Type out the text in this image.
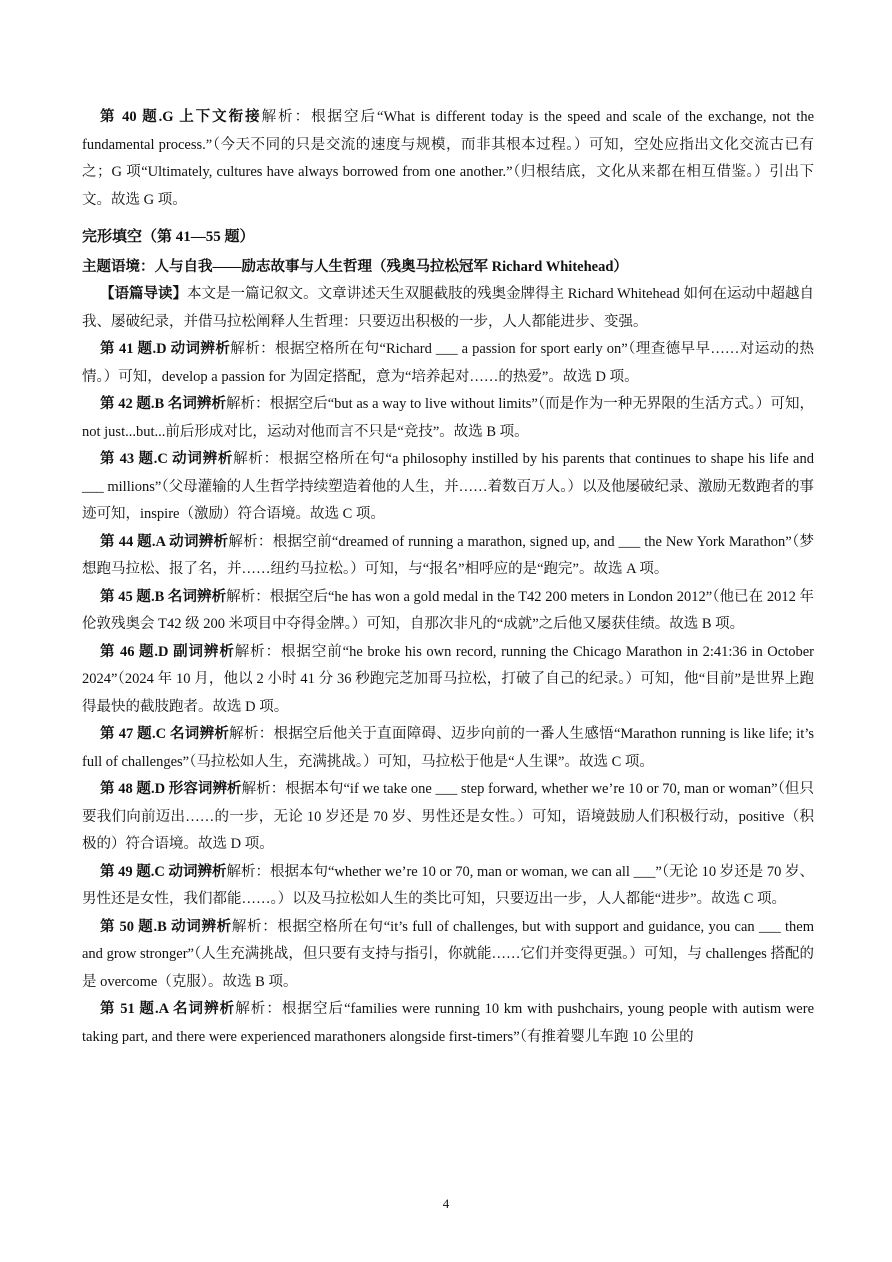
第 40 题.G 上下文衔接解析：根据空后“What is different today is the speed and scale of the exchange, not the fundamental process.”（今天不同的只是交流的速度与规模，而非其根本过程。）可知，空处应指出文化交流古已有之；G 项“Ultimately, cultures have always borrowed from one another.”（归根结底，文化从来都在相互借鉴。）引出下文。故选 G 项。

完形填空（第 41—55 题）

主题语境：人与自我——励志故事与人生哲理（残奥马拉松冠军 Richard Whitehead）

【语篇导读】本文是一篇记叙文。文章讲述天生双腿截肢的残奥金牌得主 Richard Whitehead 如何在运动中超越自我、屡破纪录，并借马拉松阐释人生哲理：只要迈出积极的一步，人人都能进步、变强。

第 41 题.D 动词辨析解析：根据空格所在句“Richard ___ a passion for sport early on”（理查德早早……对运动的热情。）可知，develop a passion for 为固定搭配，意为“培养起对……的热爱”。故选 D 项。

第 42 题.B 名词辨析解析：根据空后“but as a way to live without limits”（而是作为一种无界限的生活方式。）可知，not just...but...前后形成对比，运动对他而言不只是“竞技”。故选 B 项。

第 43 题.C 动词辨析解析：根据空格所在句“a philosophy instilled by his parents that continues to shape his life and ___ millions”（父母灌输的人生哲学持续塑造着他的人生，并……着数百万人。）以及他屡破纪录、激励无数跑者的事迹可知，inspire（激励）符合语境。故选 C 项。

第 44 题.A 动词辨析解析：根据空前“dreamed of running a marathon, signed up, and ___ the New York Marathon”（梦想跑马拉松、报了名，并……纽约马拉松。）可知，与“报名”相呼应的是“跑完”。故选 A 项。

第 45 题.B 名词辨析解析：根据空后“he has won a gold medal in the T42 200 meters in London 2012”（他已在 2012 年伦敦残奥会 T42 级 200 米项目中夺得金牌。）可知，自那次非凡的“成就”之后他又屡获佳绩。故选 B 项。

第 46 题.D 副词辨析解析：根据空前“he broke his own record, running the Chicago Marathon in 2:41:36 in October 2024”（2024 年 10 月，他以 2 小时 41 分 36 秒跑完芝加哥马拉松，打破了自己的纪录。）可知，他“目前”是世界上跑得最快的截肢跑者。故选 D 项。

第 47 题.C 名词辨析解析：根据空后他关于直面障碍、迈步向前的一番人生感悟“Marathon running is like life; it’s full of challenges”（马拉松如人生，充满挑战。）可知，马拉松于他是“人生课”。故选 C 项。

第 48 题.D 形容词辨析解析：根据本句“if we take one ___ step forward, whether we’re 10 or 70, man or woman”（但只要我们向前迈出……的一步，无论 10 岁还是 70 岁、男性还是女性。）可知，语境鼓励人们积极行动，positive（积极的）符合语境。故选 D 项。

第 49 题.C 动词辨析解析：根据本句“whether we’re 10 or 70, man or woman, we can all ___”（无论 10 岁还是 70 岁、男性还是女性，我们都能……。）以及马拉松如人生的类比可知，只要迈出一步，人人都能“进步”。故选 C 项。

第 50 题.B 动词辨析解析：根据空格所在句“it’s full of challenges, but with support and guidance, you can ___ them and grow stronger”（人生充满挑战，但只要有支持与指引，你就能……它们并变得更强。）可知，与 challenges 搭配的是 overcome（克服）。故选 B 项。

第 51 题.A 名词辨析解析：根据空后“families were running 10 km with pushchairs, young people with autism were taking part, and there were experienced marathoners alongside first-timers”（有推着婴儿车跑 10 公里的

4
